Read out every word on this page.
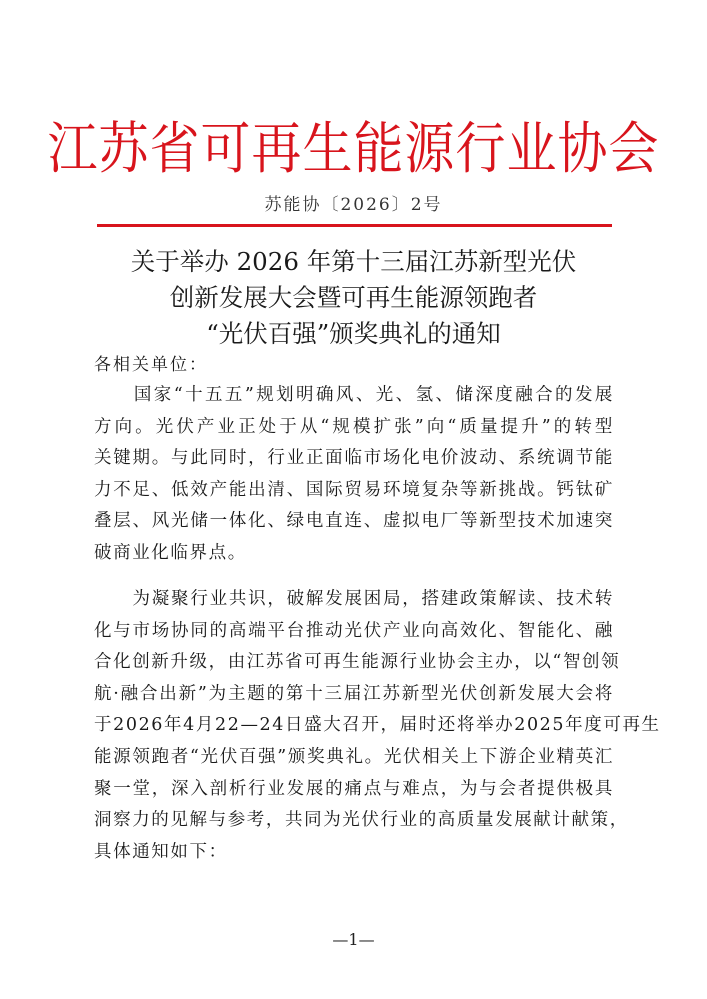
江苏省可再生能源行业协会
苏能协〔2026〕2号
关于举办 2026 年第十三届江苏新型光伏
创新发展大会暨可再生能源领跑者
“光伏百强”颁奖典礼的通知
各相关单位：
　　国家“十五五”规划明确风、光、氢、储深度融合的发展
方向。光伏产业正处于从“规模扩张”向“质量提升”的转型
关键期。与此同时，行业正面临市场化电价波动、系统调节能
力不足、低效产能出清、国际贸易环境复杂等新挑战。钙钛矿
叠层、风光储一体化、绿电直连、虚拟电厂等新型技术加速突
破商业化临界点。
　　为凝聚行业共识，破解发展困局，搭建政策解读、技术转
化与市场协同的高端平台推动光伏产业向高效化、智能化、融
合化创新升级，由江苏省可再生能源行业协会主办，以“智创领
航·融合出新”为主题的第十三届江苏新型光伏创新发展大会将
于2026年4月22—24日盛大召开，届时还将举办2025年度可再生
能源领跑者“光伏百强”颁奖典礼。光伏相关上下游企业精英汇
聚一堂，深入剖析行业发展的痛点与难点，为与会者提供极具
洞察力的见解与参考，共同为光伏行业的高质量发展献计献策，
具体通知如下：
—1—
